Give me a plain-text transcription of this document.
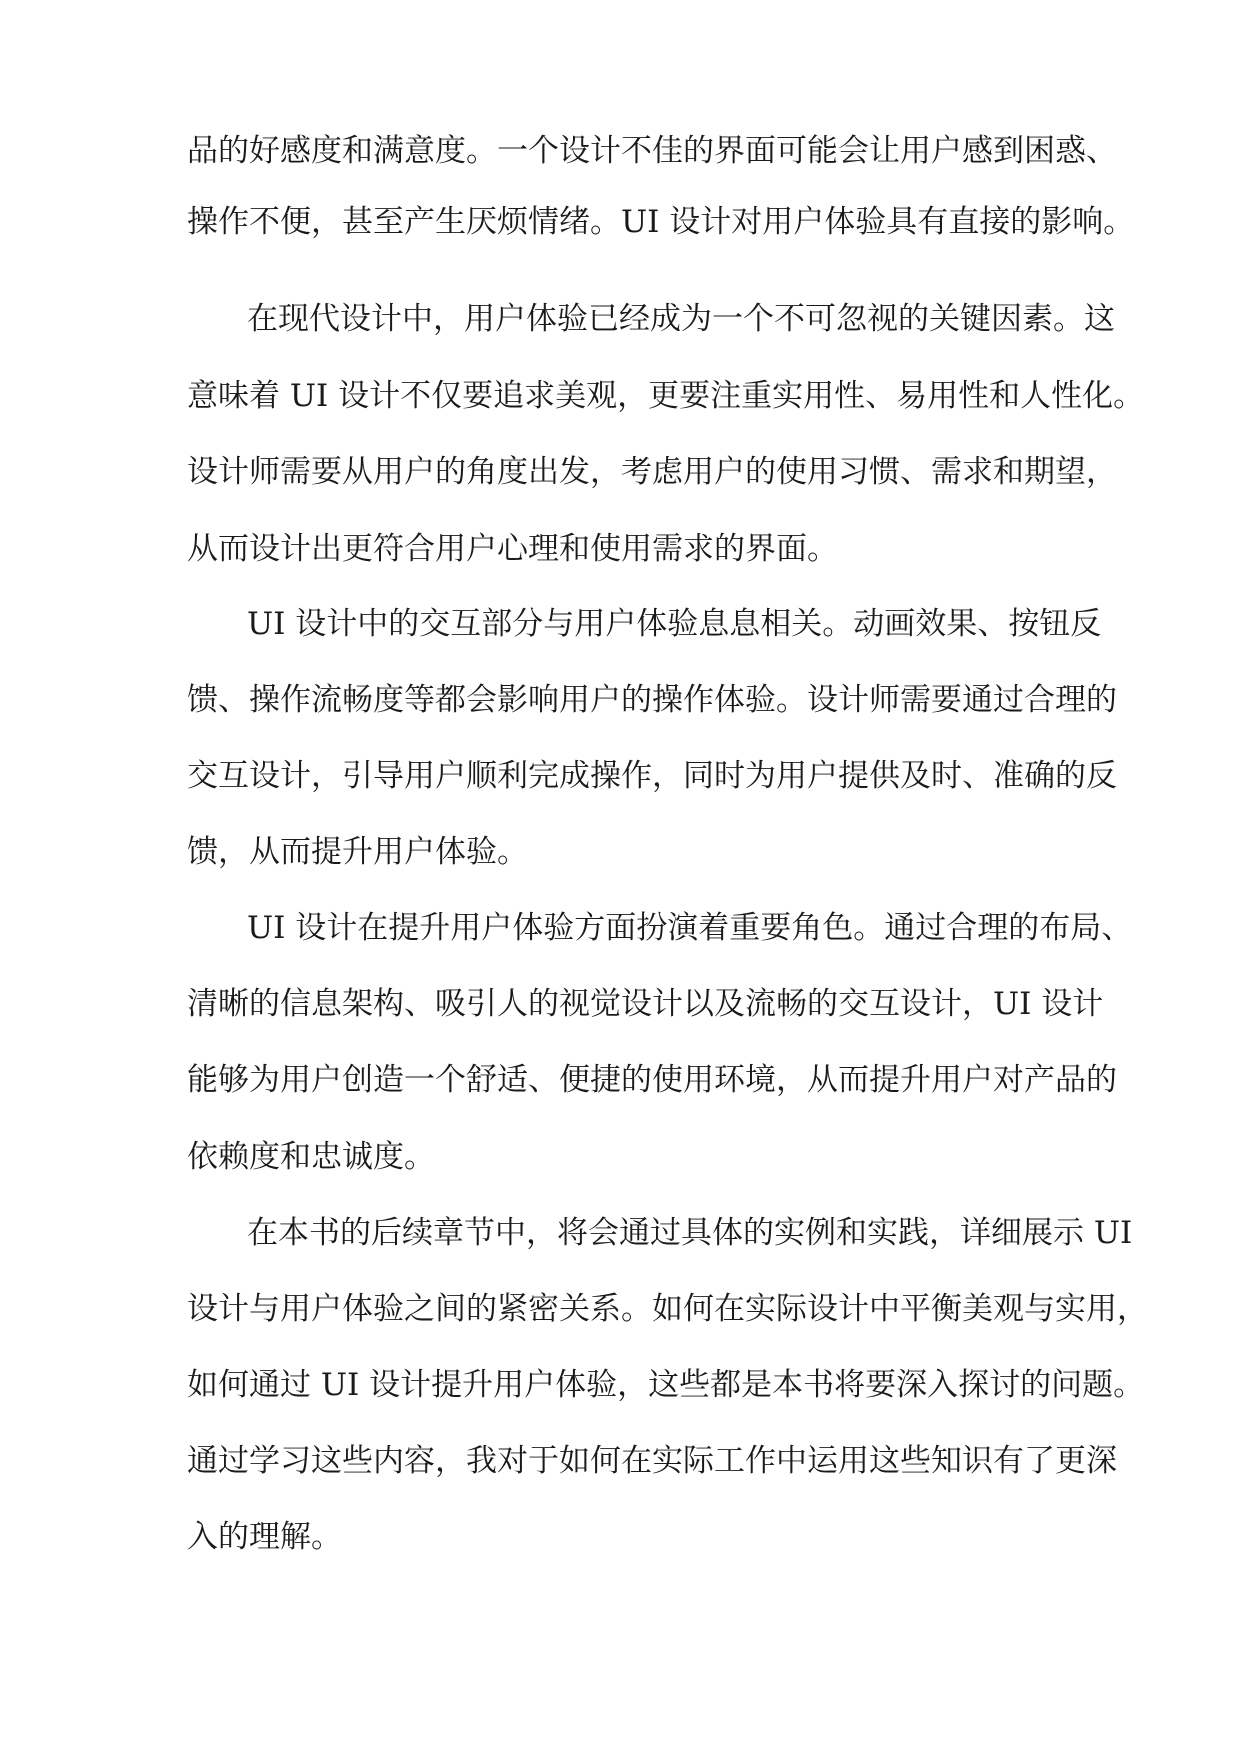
品的好感度和满意度。一个设计不佳的界面可能会让用户感到困惑、

操作不便，甚至产生厌烦情绪。UI 设计对用户体验具有直接的影响。

在现代设计中，用户体验已经成为一个不可忽视的关键因素。这

意味着 UI 设计不仅要追求美观，更要注重实用性、易用性和人性化。

设计师需要从用户的角度出发，考虑用户的使用习惯、需求和期望，

从而设计出更符合用户心理和使用需求的界面。

UI 设计中的交互部分与用户体验息息相关。动画效果、按钮反

馈、操作流畅度等都会影响用户的操作体验。设计师需要通过合理的

交互设计，引导用户顺利完成操作，同时为用户提供及时、准确的反

馈，从而提升用户体验。

UI 设计在提升用户体验方面扮演着重要角色。通过合理的布局、

清晰的信息架构、吸引人的视觉设计以及流畅的交互设计，UI 设计

能够为用户创造一个舒适、便捷的使用环境，从而提升用户对产品的

依赖度和忠诚度。

在本书的后续章节中，将会通过具体的实例和实践，详细展示 UI

设计与用户体验之间的紧密关系。如何在实际设计中平衡美观与实用，

如何通过 UI 设计提升用户体验，这些都是本书将要深入探讨的问题。

通过学习这些内容，我对于如何在实际工作中运用这些知识有了更深

入的理解。
